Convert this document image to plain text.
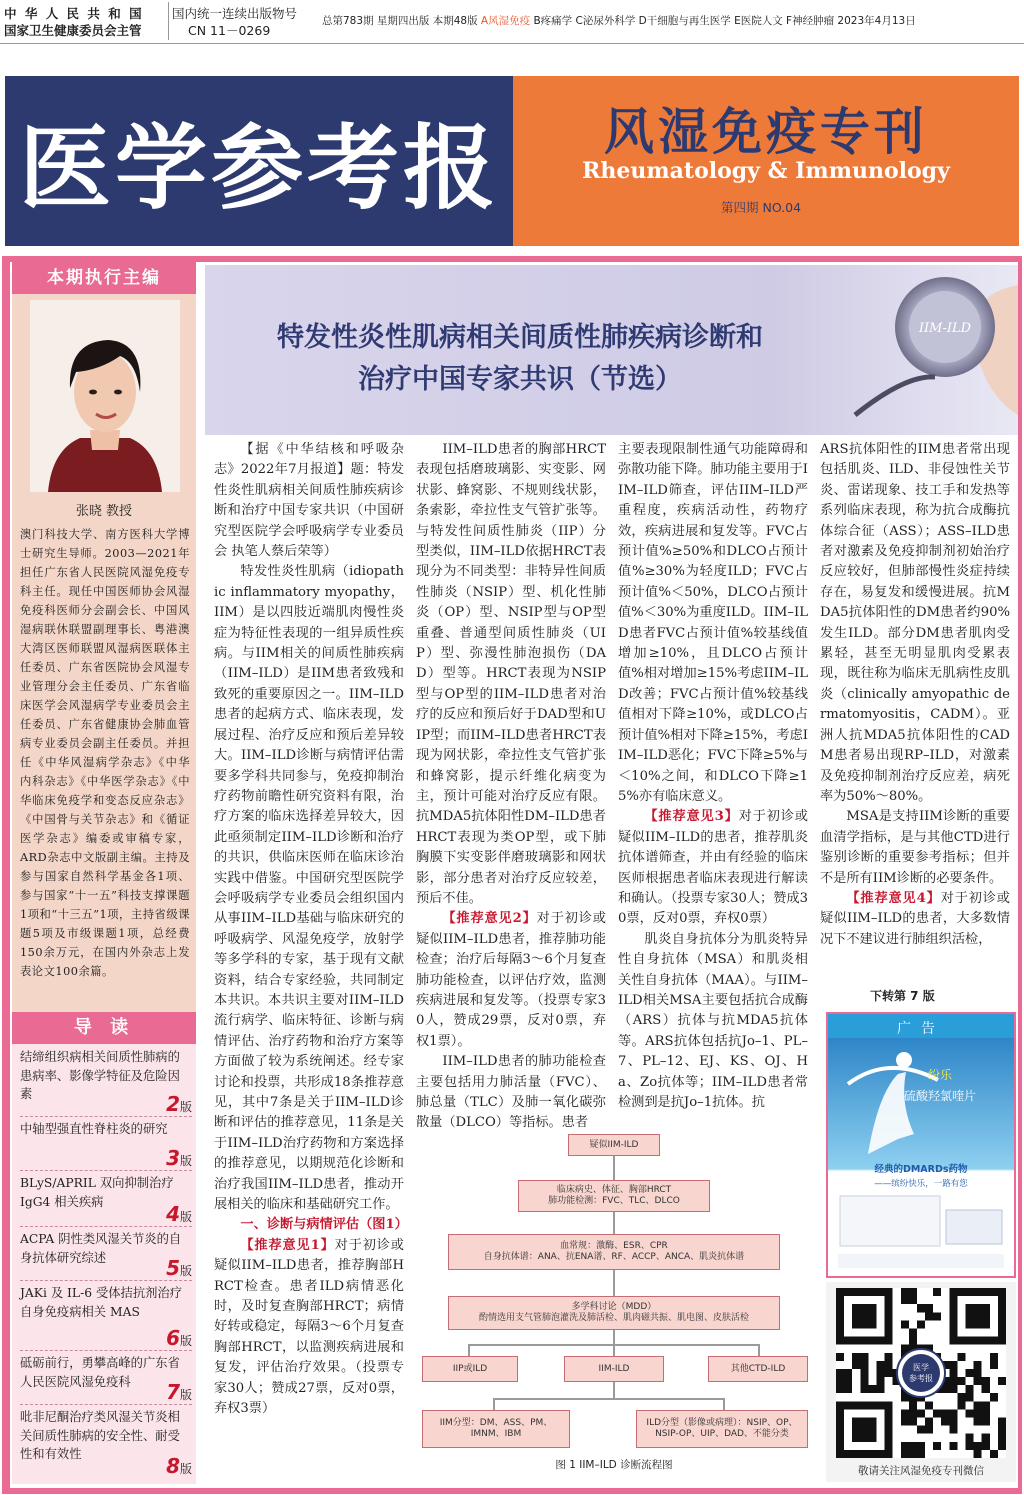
中 华 人 民 共 和 国
国家卫生健康委员会主管
国内统一连续出版物号
CN 11－0269
总第783期 星期四出版 本期48版 A风湿免疫 B疼痛学 C泌尿外科学 D干细胞与再生医学 E医院人文 F神经肿瘤 2023年4月13日
医学参考报	风湿免疫专刊
Rheumatology & Immunology
第四期 NO.04
本期执行主编
张晓 教授
澳门科技大学、南方医科大学博士研究生导师。2003—2021年担任广东省人民医院风湿免疫专科主任。现任中国医师协会风湿免疫科医师分会副会长、中国风湿病联休联盟副理事长、粤港澳大湾区医师联盟风湿病医联体主任委员、广东省医院协会风湿专业管理分会主任委员、广东省临床医学会风湿病学专业委员会主任委员、广东省健康协会肺血管病专业委员会副主任委员。并担任《中华风湿病学杂志》《中华内科杂志》《中华医学杂志》《中华临床免疫学和变态反应杂志》《中国骨与关节杂志》和《循证医学杂志》编委或审稿专家，ARD杂志中文版副主编。主持及参与国家自然科学基金各1项、参与国家“十一五”科技支撑课题1项和“十三五”1项，主持省级课题5项及市级课题1项，总经费150余万元，在国内外杂志上发表论文100余篇。
导 读
结缔组织病相关间质性肺病的患病率、影像学特征及危险因素	2版
中轴型强直性脊柱炎的研究
3版
BLyS/APRIL 双向抑制治疗 IgG4 相关疾病
4版
ACPA 阴性类风湿关节炎的自身抗体研究综述	5版
JAKi 及 IL-6 受体拮抗剂治疗自身免疫病相关 MAS
6版
砥砺前行，勇攀高峰的广东省人民医院风湿免疫科	7版
吡非尼酮治疗类风湿关节炎相关间质性肺病的安全性、耐受性和有效性	8版
IIM-ILD
特发性炎性肌病相关间质性肺疾病诊断和
治疗中国专家共识（节选）

【据《中华结核和呼吸杂志》2022年7月报道】题：特发性炎性肌病相关间质性肺疾病诊断和治疗中国专家共识（中国研究型医院学会呼吸病学专业委员会 执笔人蔡后荣等）

特发性炎性肌病（idiopathic inflammatory myopathy，IIM）是以四肢近端肌肉慢性炎症为特征性表现的一组异质性疾病。与IIM相关的间质性肺疾病（IIM–ILD）是IIM患者致残和致死的重要原因之一。IIM–ILD患者的起病方式、临床表现，发展过程、治疗反应和预后差异较大。IIM–ILD诊断与病情评估需要多学科共同参与，免疫抑制治疗药物前瞻性研究资料有限，治疗方案的临床选择差异较大，因此亟须制定IIM–ILD诊断和治疗的共识，供临床医师在临床诊治实践中借鉴。中国研究型医院学会呼吸病学专业委员会组织国内从事IIM–ILD基础与临床研究的呼吸病学、风湿免疫学，放射学等多学科的专家，基于现有文献资料，结合专家经验，共同制定本共识。本共识主要对IIM–ILD流行病学、临床特征、诊断与病情评估、治疗药物和治疗方案等方面做了较为系统阐述。经专家讨论和投票，共形成18条推荐意见，其中7条是关于IIM–ILD诊断和评估的推荐意见，11条是关于IIM–ILD治疗药物和方案选择的推荐意见，以期规范化诊断和治疗我国IIM–ILD患者，推动开展相关的临床和基础研究工作。

一、诊断与病情评估（图1）

【推荐意见1】对于初诊或疑似IIM–ILD患者，推荐胸部HRCT检查。患者ILD病情恶化时，及时复查胸部HRCT；病情好转或稳定，每隔3～6个月复查胸部HRCT，以监测疾病进展和复发，评估治疗效果。（投票专家30人；赞成27票，反对0票，弃权3票）

IIM–ILD患者的胸部HRCT表现包括磨玻璃影、实变影、网状影、蜂窝影、不规则线状影，条索影，牵拉性支气管扩张等。与特发性间质性肺炎（IIP）分型类似，IIM–ILD依据HRCT表现分为不同类型：非特异性间质性肺炎（NSIP）型、机化性肺炎（OP）型、NSIP型与OP型重叠、普通型间质性肺炎（UIP）型、弥漫性肺泡损伤（DAD）型等。HRCT表现为NSIP型与OP型的IIM–ILD患者对治疗的反应和预后好于DAD型和UIP型；而IIM–ILD患者HRCT表现为网状影，牵拉性支气管扩张和蜂窝影，提示纤维化病变为主，预计可能对治疗反应有限。抗MDA5抗体阳性DM–ILD患者HRCT表现为类OP型，或下肺胸膜下实变影伴磨玻璃影和网状影，部分患者对治疗反应较差，预后不佳。

【推荐意见2】对于初诊或疑似IIM–ILD患者，推荐肺功能检查；治疗后每隔3～6个月复查肺功能检查，以评估疗效，监测疾病进展和复发等。（投票专家30人，赞成29票，反对0票，弃权1票）。

IIM–ILD患者的肺功能检查主要包括用力肺活量（FVC）、肺总量（TLC）及肺一氧化碳弥散量（DLCO）等指标。患者

主要表现限制性通气功能障碍和弥散功能下降。肺功能主要用于IIM–ILD筛查，评估IIM–ILD严重程度，疾病活动性，药物疗效，疾病进展和复发等。FVC占预计值%≥50%和DLCO占预计值%≥30%为轻度ILD；FVC占预计值%＜50%，DLCO占预计值%＜30%为重度ILD。IIM–ILD患者FVC占预计值%较基线值增加≥10%，且DLCO占预计值%相对增加≥15%考虑IIM–ILD改善；FVC占预计值%较基线值相对下降≥10%，或DLCO占预计值%相对下降≥15%，考虑IIM–ILD恶化；FVC下降≥5%与＜10%之间，和DLCO下降≥15%亦有临床意义。

【推荐意见3】对于初诊或疑似IIM–ILD的患者，推荐肌炎抗体谱筛查，并由有经验的临床医师根据患者临床表现进行解读和确认。（投票专家30人；赞成30票，反对0票，弃权0票）

肌炎自身抗体分为肌炎特异性自身抗体（MSA）和肌炎相关性自身抗体（MAA）。与IIM–ILD相关MSA主要包括抗合成酶（ARS）抗体与抗MDA5抗体等。ARS抗体包括抗Jo–1、PL–7、PL–12、EJ、KS、OJ、Ha、Zo抗体等；IIM–ILD患者常检测到是抗Jo–1抗体。抗

ARS抗体阳性的IIM患者常出现包括肌炎、ILD、非侵蚀性关节炎、雷诺现象、技工手和发热等系列临床表现，称为抗合成酶抗体综合征（ASS）；ASS–ILD患者对激素及免疫抑制剂初始治疗反应较好，但肺部慢性炎症持续存在，易复发和缓慢进展。抗MDA5抗体阳性的DM患者约90%发生ILD。部分DM患者肌肉受累轻，甚至无明显肌肉受累表现，既往称为临床无肌病性皮肌炎（clinically amyopathic dermatomyositis，CADM）。亚洲人抗MDA5抗体阳性的CADM患者易出现RP–ILD，对激素及免疫抑制剂治疗反应差，病死率为50%～80%。

MSA是支持IIM诊断的重要血清学指标，是与其他CTD进行鉴别诊断的重要参考指标；但并不是所有IIM诊断的必要条件。

【推荐意见4】对于初诊或疑似IIM–ILD的患者，大多数情况下不建议进行肺组织活检，

下转第 7 版
疑似IIM-ILD
临床病史、体征、胸部HRCT
肺功能检测：FVC、TLC、DLCO
血常规：激酶、ESR、CPR
自身抗体谱：ANA、抗ENA谱、RF、ACCP、ANCA、肌炎抗体谱
多学科讨论（MDD）
酌情选用支气管肺泡灌洗及肺活检、肌肉磁共振、肌电图、皮肤活检
IIP或ILD	IIM-ILD	其他CTD-ILD
IIM分型：DM、ASS、PM、IMNM、IBM
ILD分型（影像或病理）：NSIP、OP、NSIP-OP、UIP、DAD、不能分类
图 1 IIM–ILD 诊断流程图
纷乐
硫酸羟氯喹片
经典的DMARDs药物
——缤纷快乐，一路有您
广告
医学
参考报
敬请关注风湿免疫专刊微信
